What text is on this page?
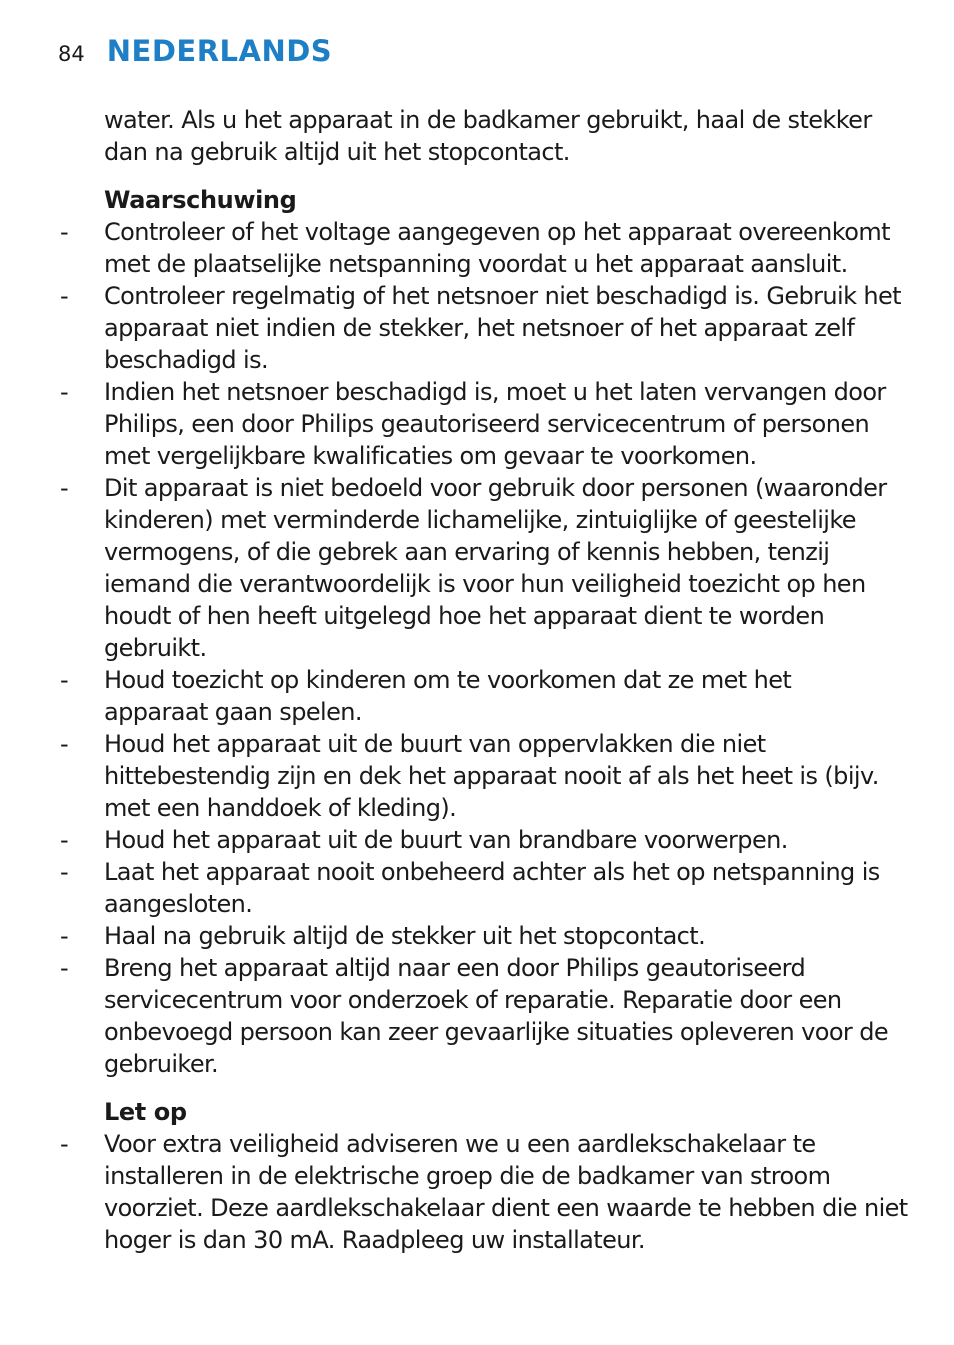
84 NEDERLANDS
water. Als u het apparaat in de badkamer gebruikt, haal de stekker
dan na gebruik altijd uit het stopcontact.
Waarschuwing
-	Controleer of het voltage aangegeven op het apparaat overeenkomt
met de plaatselijke netspanning voordat u het apparaat aansluit.
-	Controleer regelmatig of het netsnoer niet beschadigd is. Gebruik het
apparaat niet indien de stekker, het netsnoer of het apparaat zelf
beschadigd is.
-	Indien het netsnoer beschadigd is, moet u het laten vervangen door
Philips, een door Philips geautoriseerd servicecentrum of personen
met vergelijkbare kwalificaties om gevaar te voorkomen.
-	Dit apparaat is niet bedoeld voor gebruik door personen (waaronder
kinderen) met verminderde lichamelijke, zintuiglijke of geestelijke
vermogens, of die gebrek aan ervaring of kennis hebben, tenzij
iemand die verantwoordelijk is voor hun veiligheid toezicht op hen
houdt of hen heeft uitgelegd hoe het apparaat dient te worden
gebruikt.
-	Houd toezicht op kinderen om te voorkomen dat ze met het
apparaat gaan spelen.
-	Houd het apparaat uit de buurt van oppervlakken die niet
hittebestendig zijn en dek het apparaat nooit af als het heet is (bijv.
met een handdoek of kleding).
-	Houd het apparaat uit de buurt van brandbare voorwerpen.
-	Laat het apparaat nooit onbeheerd achter als het op netspanning is
aangesloten.
-	Haal na gebruik altijd de stekker uit het stopcontact.
-	Breng het apparaat altijd naar een door Philips geautoriseerd
servicecentrum voor onderzoek of reparatie. Reparatie door een
onbevoegd persoon kan zeer gevaarlijke situaties opleveren voor de
gebruiker.
Let op
-	Voor extra veiligheid adviseren we u een aardlekschakelaar te
installeren in de elektrische groep die de badkamer van stroom
voorziet. Deze aardlekschakelaar dient een waarde te hebben die niet
hoger is dan 30 mA. Raadpleeg uw installateur.
